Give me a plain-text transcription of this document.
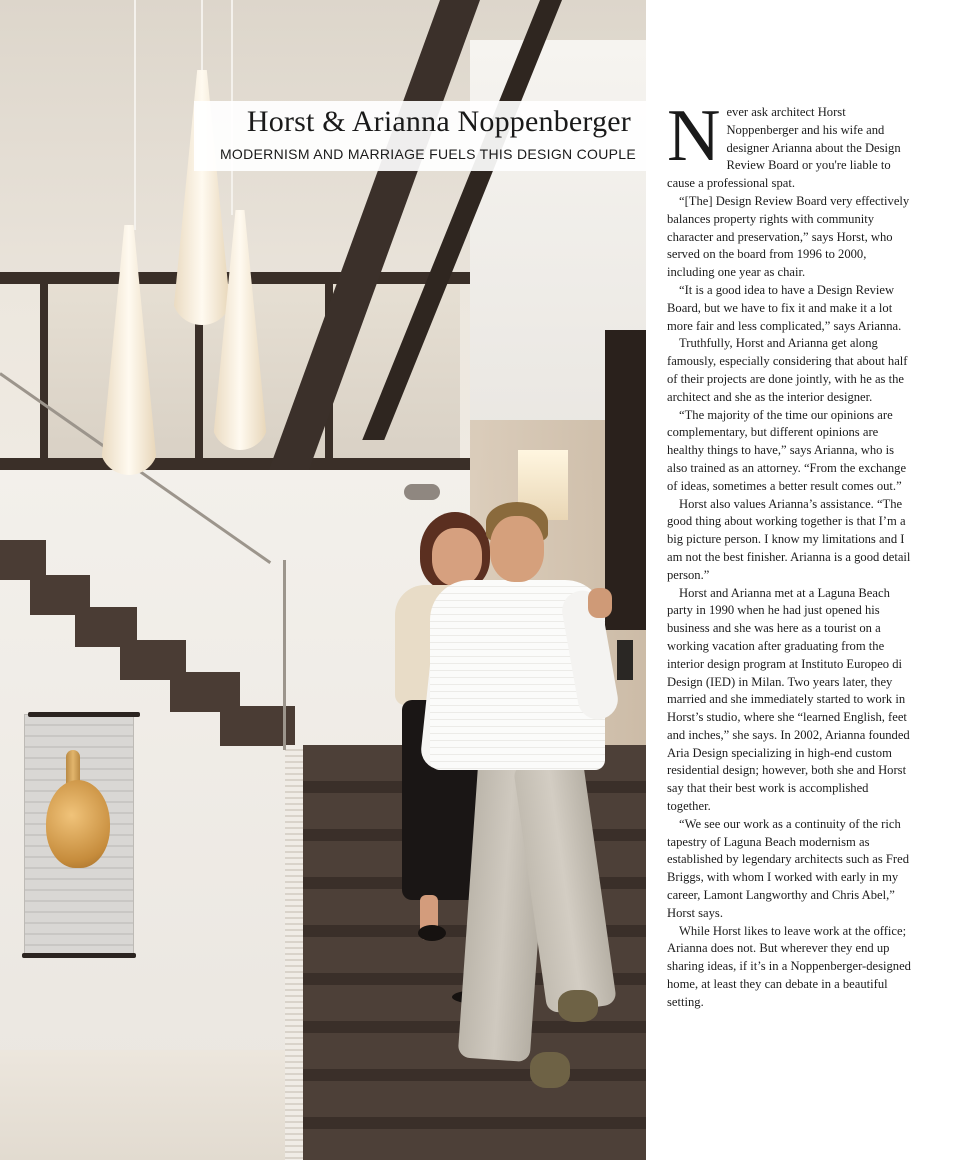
Horst & Arianna Noppenberger
MODERNISM AND MARRIAGE FUELS THIS DESIGN COUPLE Never ask architect Horst Noppenberger and his wife and designer Arianna about the Design Review Board or you're liable to cause a professional spat.

“[The] Design Review Board very effectively balances property rights with community character and preservation,” says Horst, who served on the board from 1996 to 2000, including one year as chair.

“It is a good idea to have a Design Review Board, but we have to fix it and make it a lot more fair and less complicated,” says Arianna.

Truthfully, Horst and Arianna get along famously, especially considering that about half of their projects are done jointly, with he as the architect and she as the interior designer.

“The majority of the time our opinions are complementary, but different opinions are healthy things to have,” says Arianna, who is also trained as an attorney. “From the exchange of ideas, sometimes a better result comes out.”

Horst also values Arianna’s assistance. “The good thing about working together is that I’m a big picture person. I know my limitations and I am not the best finisher. Arianna is a good detail person.”

Horst and Arianna met at a Laguna Beach party in 1990 when he had just opened his business and she was here as a tourist on a working vacation after graduating from the interior design program at Instituto Europeo di Design (IED) in Milan. Two years later, they married and she immediately started to work in Horst’s studio, where she “learned English, feet and inches,” she says. In 2002, Arianna founded Aria Design specializing in high-end custom residential design; however, both she and Horst say that their best work is accomplished together.

“We see our work as a continuity of the rich tapestry of Laguna Beach modernism as established by legendary architects such as Fred Briggs, with whom I worked with early in my career, Lamont Langworthy and Chris Abel,” Horst says.

While Horst likes to leave work at the office; Arianna does not. But wherever they end up sharing ideas, if it’s in a Noppenberger-designed home, at least they can debate in a beautiful setting.
